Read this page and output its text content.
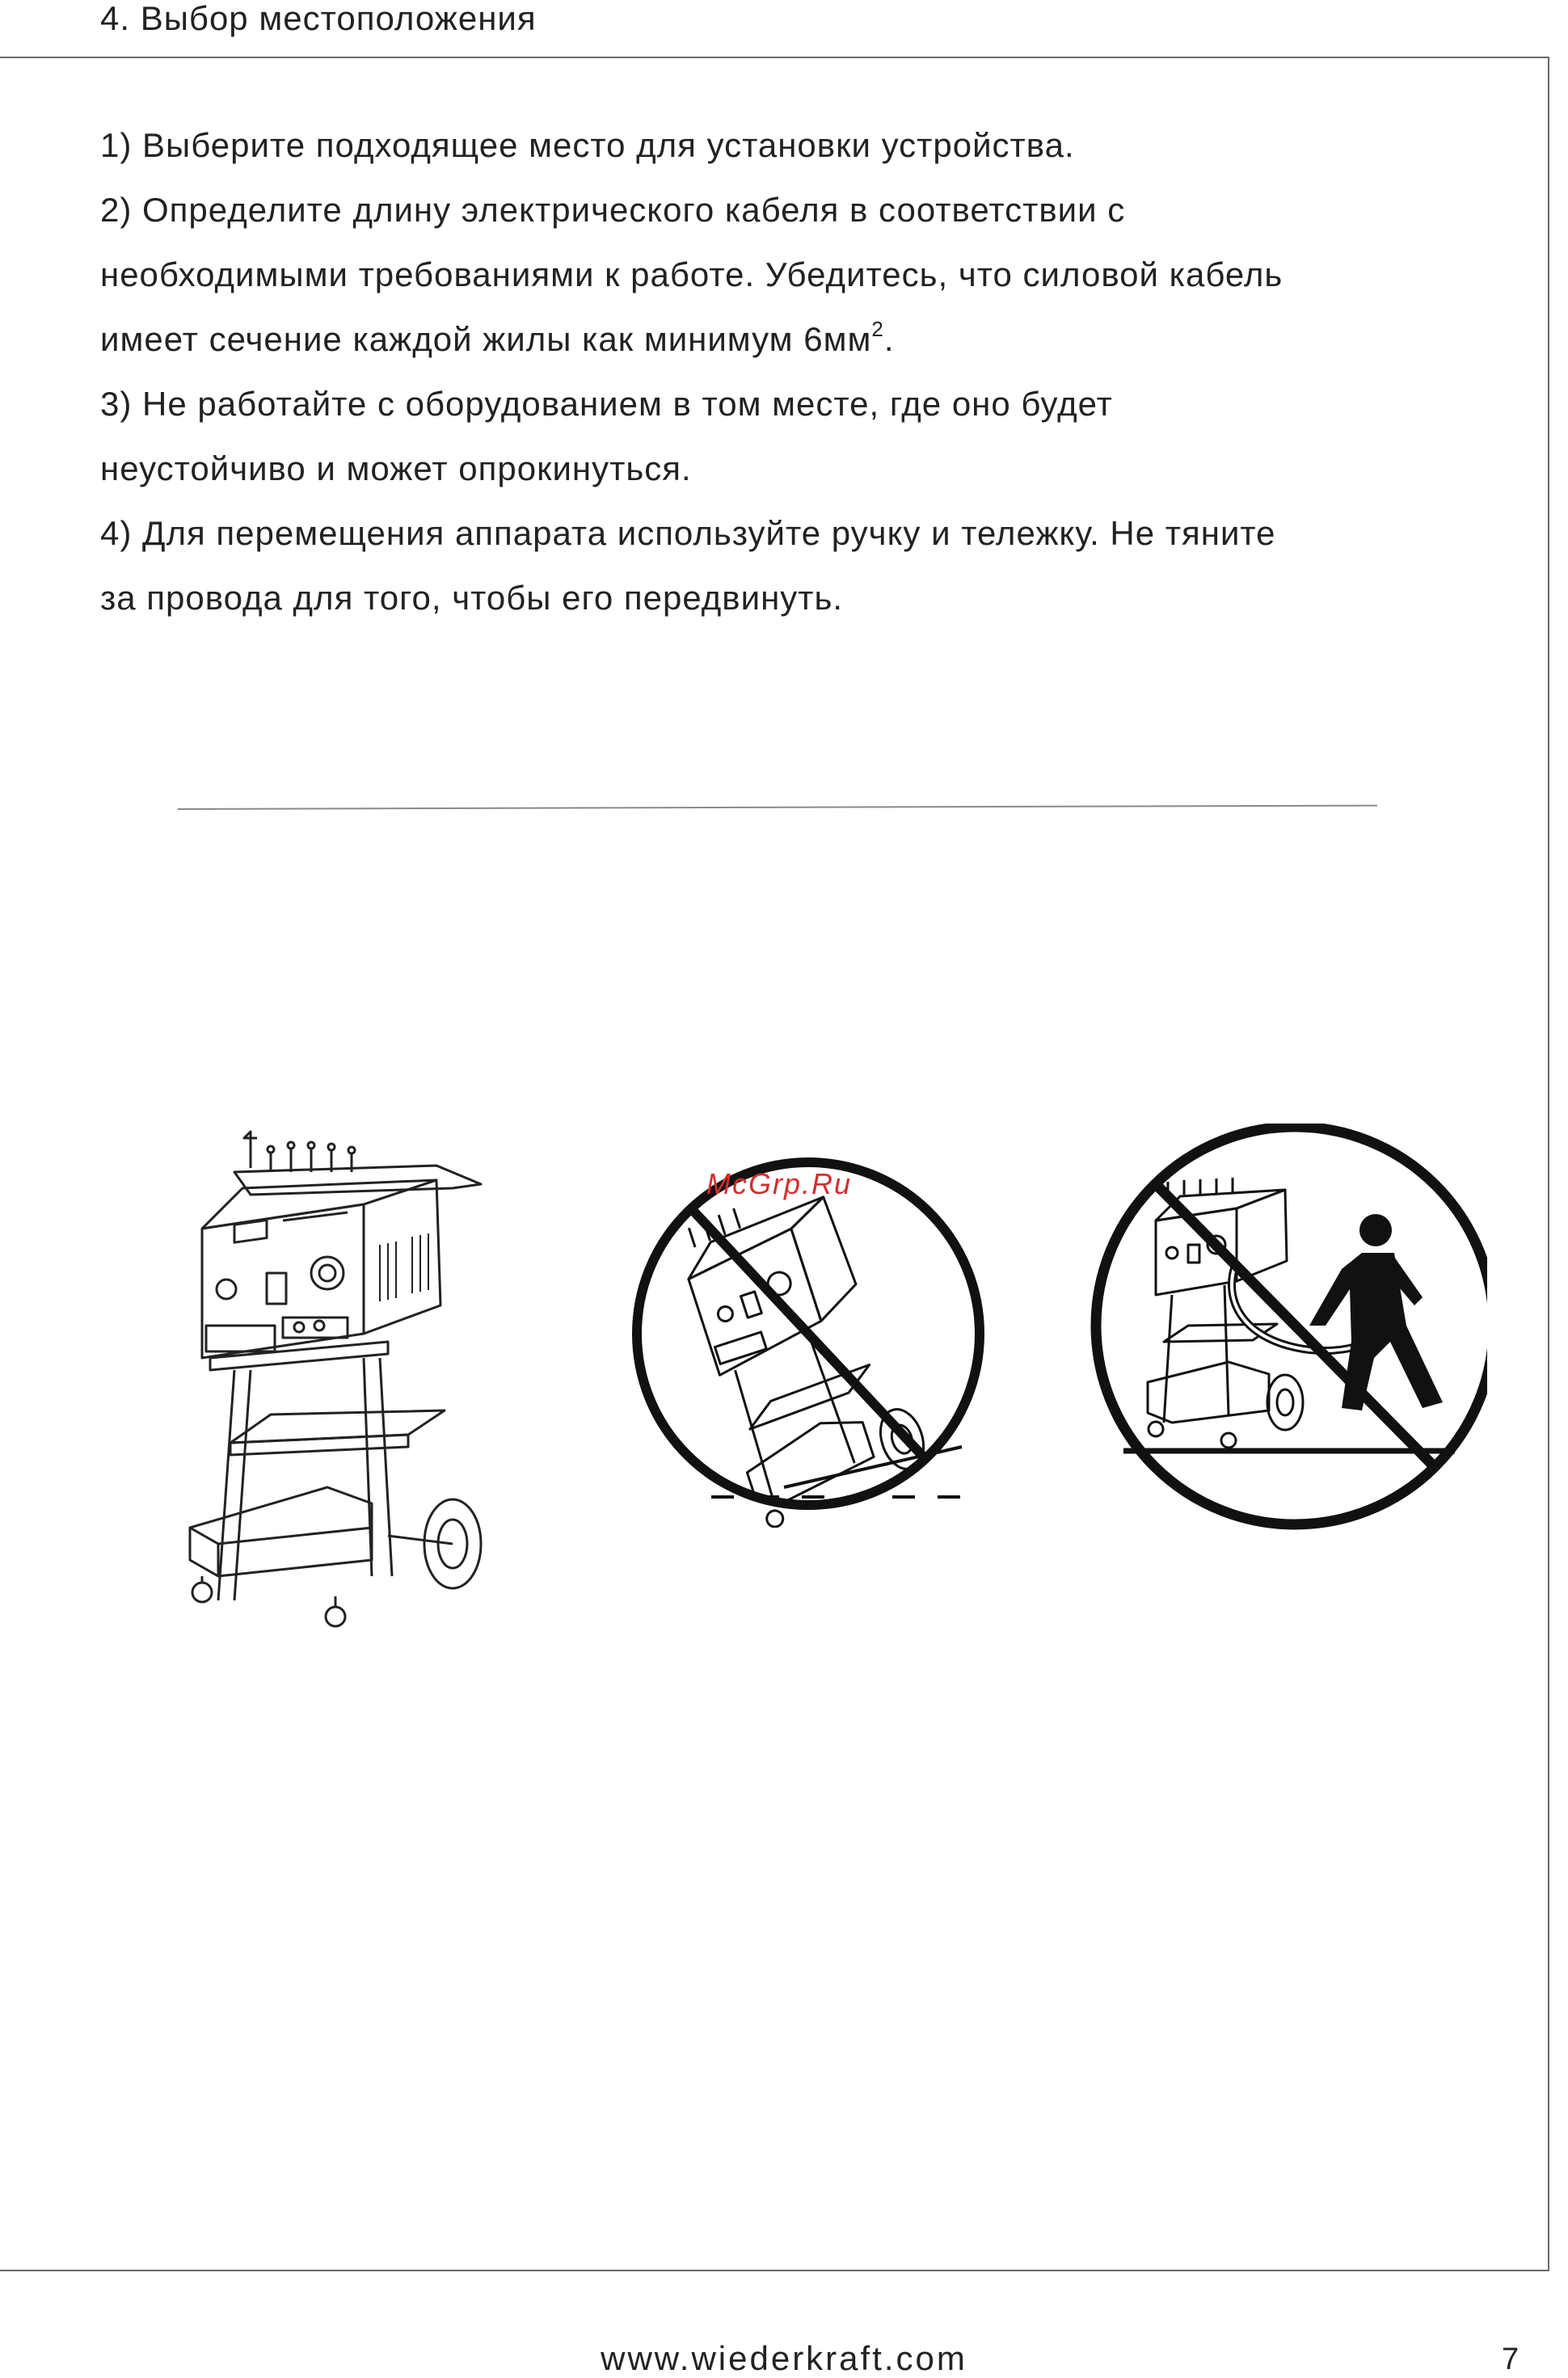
4. Выбор местоположения

1) Выберите подходящее место для установки устройства.

2) Определите длину электрического кабеля в соответствии с

необходимыми требованиями к работе. Убедитесь, что силовой кабель

имеет сечение каждой жилы как минимум $6мм^2$.

3) Не работайте с оборудованием в том месте, где оно будет

неустойчиво и может опрокинуться.

4) Для перемещения аппарата используйте ручку и тележку. Не тяните

за провода для того, чтобы его передвинуть.

McGrp.Ru
www.wiederkraft.com	7
